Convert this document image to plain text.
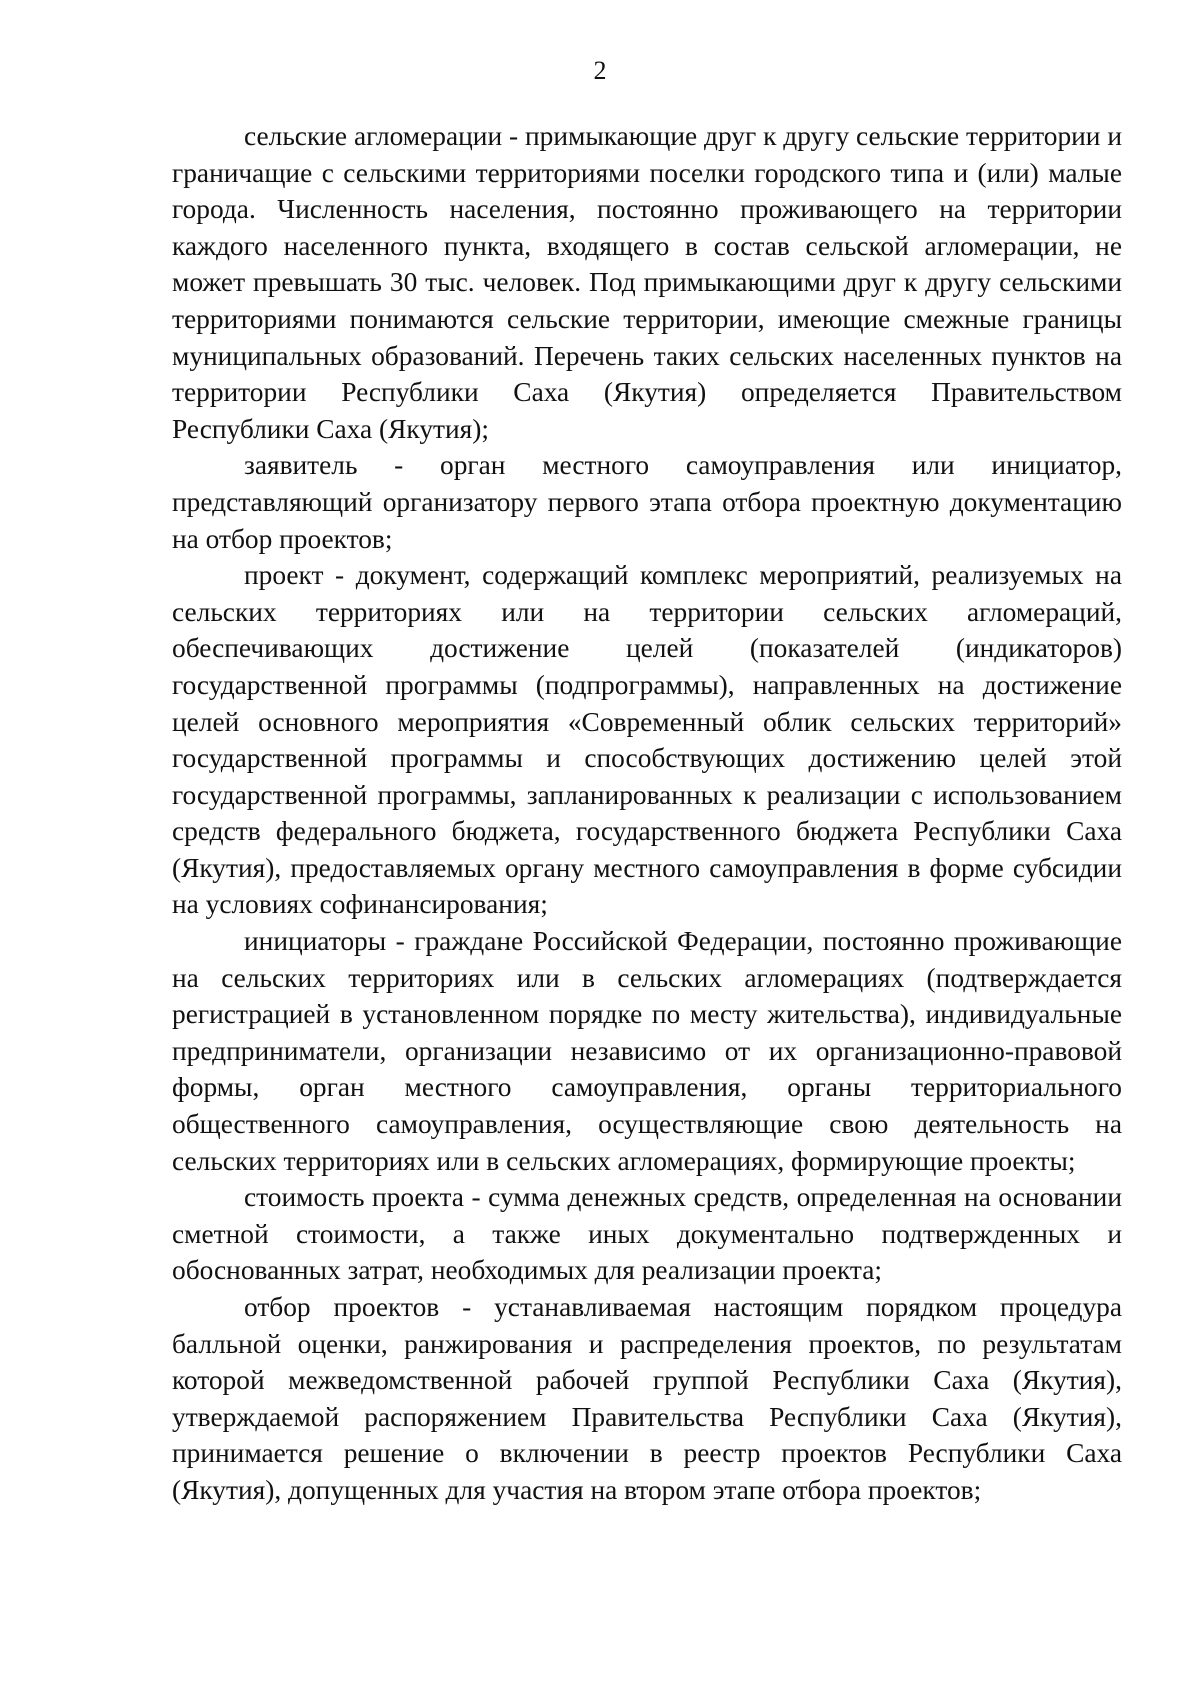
2

сельские агломерации - примыкающие друг к другу сельские территории и граничащие с сельскими территориями поселки городского типа и (или) малые города. Численность населения, постоянно проживающего на территории каждого населенного пункта, входящего в состав сельской агломерации, не может превышать 30 тыс. человек. Под примыкающими друг к другу сельскими территориями понимаются сельские территории, имеющие смежные границы муниципальных образований. Перечень таких сельских населенных пунктов на территории Республики Саха (Якутия) определяется Правительством Республики Саха (Якутия);

заявитель - орган местного самоуправления или инициатор, представляющий организатору первого этапа отбора проектную документацию на отбор проектов;

проект - документ, содержащий комплекс мероприятий, реализуемых на сельских территориях или на территории сельских агломераций, обеспечивающих достижение целей (показателей (индикаторов) государственной программы (подпрограммы), направленных на достижение целей основного мероприятия «Современный облик сельских территорий» государственной программы и способствующих достижению целей этой государственной программы, запланированных к реализации с использованием средств федерального бюджета, государственного бюджета Республики Саха (Якутия), предоставляемых органу местного самоуправления в форме субсидии на условиях софинансирования;

инициаторы - граждане Российской Федерации, постоянно проживающие на сельских территориях или в сельских агломерациях (подтверждается регистрацией в установленном порядке по месту жительства), индивидуальные предприниматели, организации независимо от их организационно-правовой формы, орган местного самоуправления, органы территориального общественного самоуправления, осуществляющие свою деятельность на сельских территориях или в сельских агломерациях, формирующие проекты;

стоимость проекта - сумма денежных средств, определенная на основании сметной стоимости, а также иных документально подтвержденных и обоснованных затрат, необходимых для реализации проекта;

отбор проектов - устанавливаемая настоящим порядком процедура балльной оценки, ранжирования и распределения проектов, по результатам которой межведомственной рабочей группой Республики Саха (Якутия), утверждаемой распоряжением Правительства Республики Саха (Якутия), принимается решение о включении в реестр проектов Республики Саха (Якутия), допущенных для участия на втором этапе отбора проектов;
